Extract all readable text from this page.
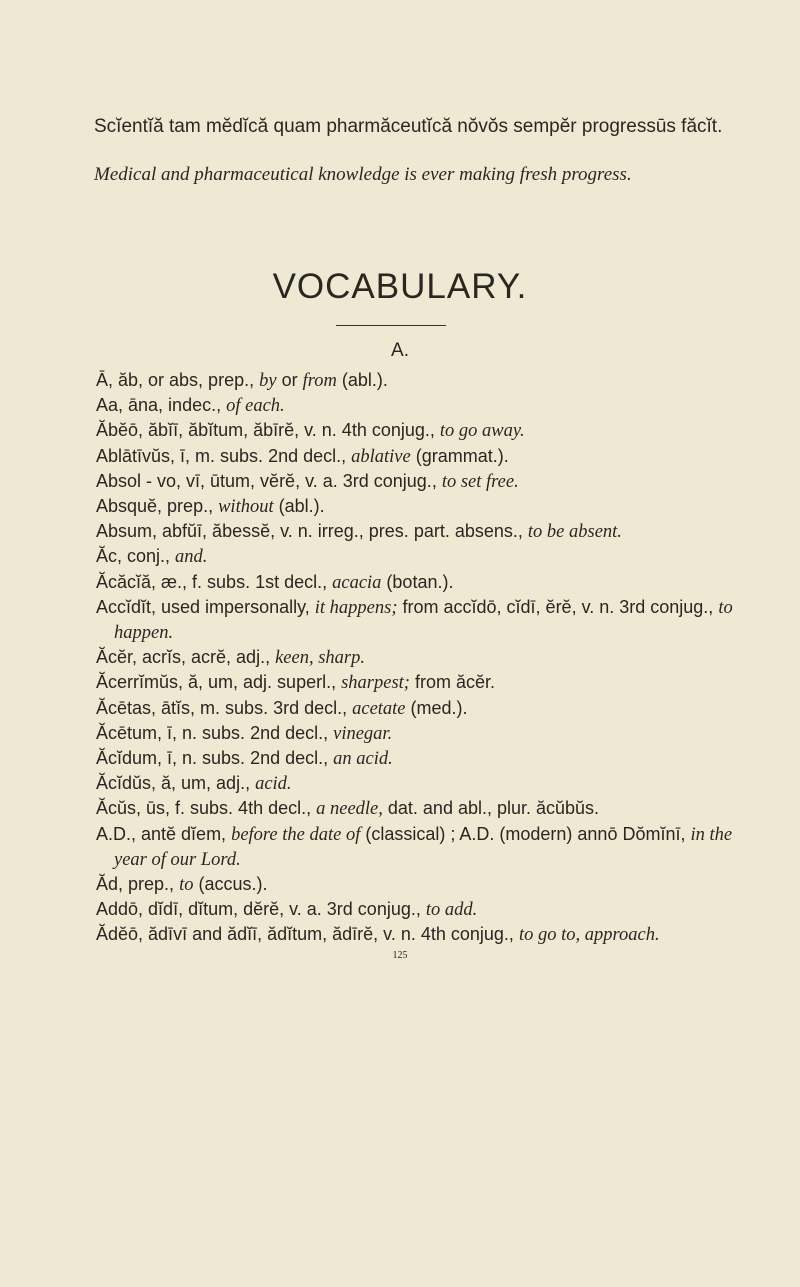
Scĭentĭă tam mĕdĭcă quam pharmăceutĭcă nŏvŏs sempĕr progressūs făcĭt.
Medical and pharmaceutical knowledge is ever making fresh progress.
VOCABULARY.
A.

Ā, ăb, or abs, prep., by or from (abl.).

Aa, āna, indec., of each.

Ăbĕō, ăbĭī, ăbĭtum, ăbīrĕ, v. n. 4th conjug., to go away.

Ablātīvŭs, ī, m. subs. 2nd decl., ablative (grammat.).

Absol - vo, vī, ūtum, vĕrĕ, v. a. 3rd conjug., to set free.

Absquĕ, prep., without (abl.).

Absum, abfŭī, ăbessĕ, v. n. irreg., pres. part. absens., to be absent.

Ăc, conj., and.

Ăcăcĭă, æ., f. subs. 1st decl., acacia (botan.).

Accĭdĭt, used impersonally, it happens; from accĭdō, cĭdī, ĕrĕ, v. n. 3rd conjug., to happen.

Ăcĕr, acrĭs, acrĕ, adj., keen, sharp.

Ăcerrĭmŭs, ă, um, adj. superl., sharpest; from ăcĕr.

Ăcētas, ātĭs, m. subs. 3rd decl., acetate (med.).

Ăcētum, ī, n. subs. 2nd decl., vinegar.

Ăcĭdum, ī, n. subs. 2nd decl., an acid.

Ăcĭdŭs, ă, um, adj., acid.

Ăcŭs, ūs, f. subs. 4th decl., a needle, dat. and abl., plur. ăcŭbŭs.

A.D., antĕ dĭem, before the date of (classical) ; A.D. (modern) annō Dŏmĭnī, in the year of our Lord.

Ăd, prep., to (accus.).

Addō, dĭdī, dĭtum, dĕrĕ, v. a. 3rd conjug., to add.

Ădĕō, ădīvī and ădĭī, ădĭtum, ădīrĕ, v. n. 4th conjug., to go to, approach.

125
